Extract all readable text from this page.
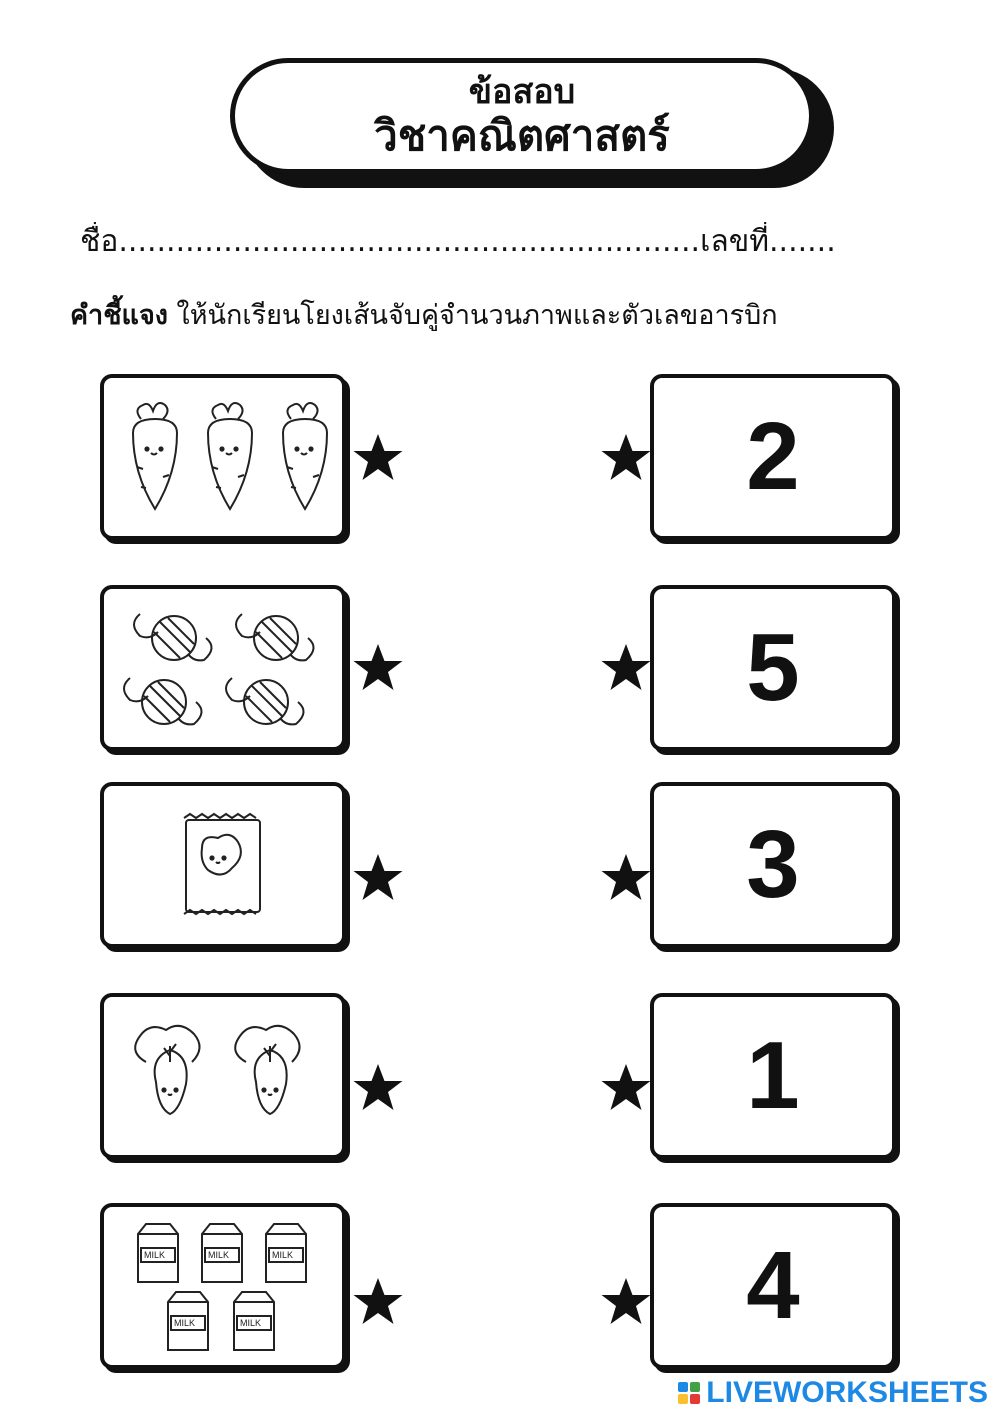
ข้อสอบ
วิชาคณิตศาสตร์
ชื่อ.............................................................เลขที่.......
คำชี้แจง ให้นักเรียนโยงเส้นจับคู่จำนวนภาพและตัวเลขอารบิก
MILK	MILK	MILK
MILK	MILK
2
5
3
1
4
LIVEWORKSHEETS
